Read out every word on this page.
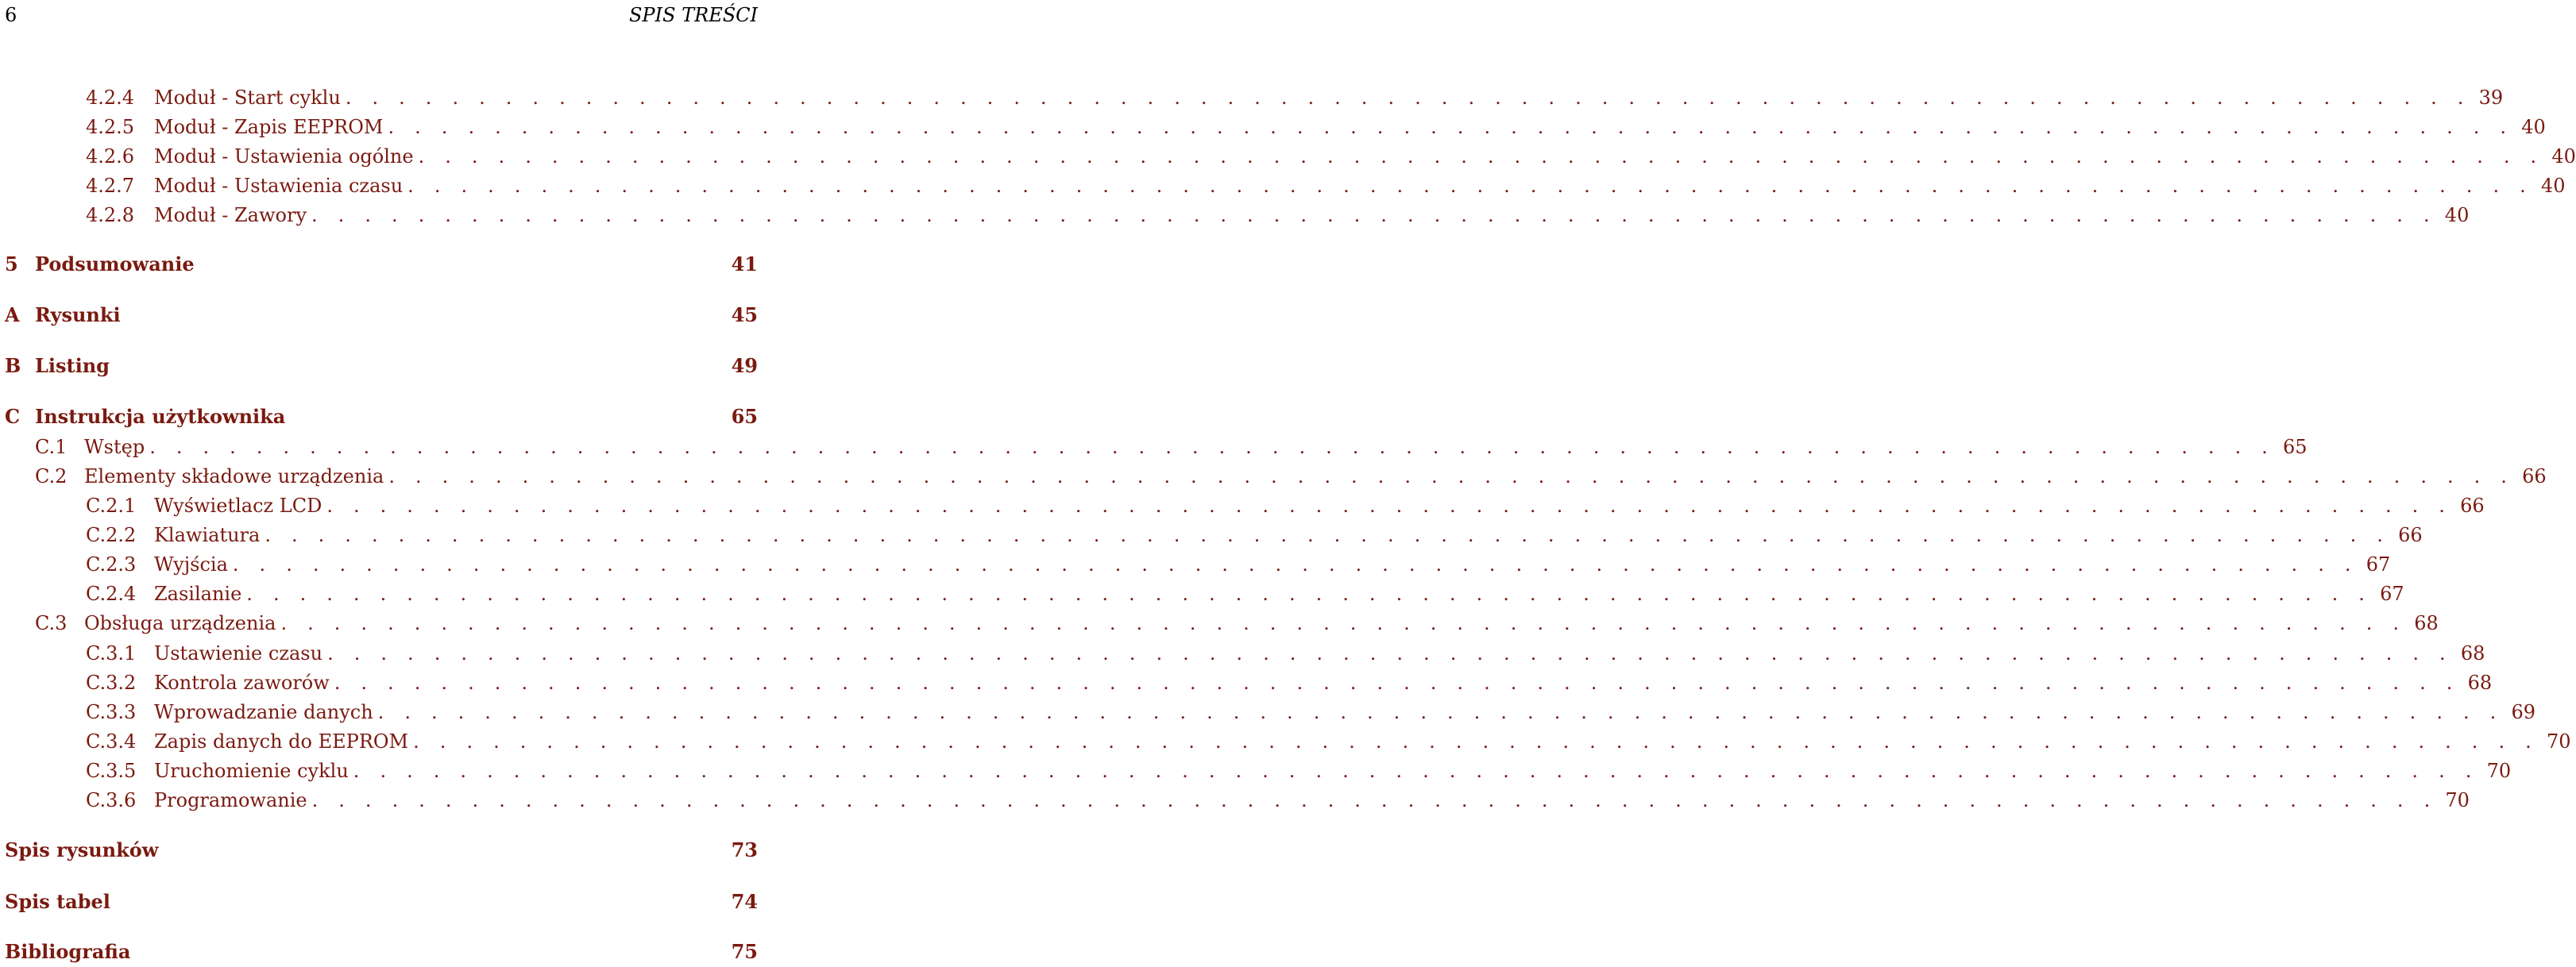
6	SPIS TREŚCI
4.2.4	Moduł - Start cyklu . . . . . . . . . . . . . . . . . . . . . . . . . . . . . . . . . . . . . . . . . . . . . . . . . . . . . . . . . . . . . . . . . . . . . . . . . . . . . . . . 39
4.2.5	Moduł - Zapis EEPROM . . . . . . . . . . . . . . . . . . . . . . . . . . . . . . . . . . . . . . . . . . . . . . . . . . . . . . . . . . . . . . . . . . . . . . . . . . . . . . . . 40
4.2.6	Moduł - Ustawienia ogólne . . . . . . . . . . . . . . . . . . . . . . . . . . . . . . . . . . . . . . . . . . . . . . . . . . . . . . . . . . . . . . . . . . . . . . . . . . . . . . . . 40
4.2.7	Moduł - Ustawienia czasu . . . . . . . . . . . . . . . . . . . . . . . . . . . . . . . . . . . . . . . . . . . . . . . . . . . . . . . . . . . . . . . . . . . . . . . . . . . . . . . . 40
4.2.8	Moduł - Zawory . . . . . . . . . . . . . . . . . . . . . . . . . . . . . . . . . . . . . . . . . . . . . . . . . . . . . . . . . . . . . . . . . . . . . . . . . . . . . . . . 40
5 Podsumowanie	41
A Rysunki	45
B Listing	49
C Instrukcja użytkownika	65
C.1 Wstęp . . . . . . . . . . . . . . . . . . . . . . . . . . . . . . . . . . . . . . . . . . . . . . . . . . . . . . . . . . . . . . . . . . . . . . . . . . . . . . . . 65
C.2 Elementy składowe urządzenia . . . . . . . . . . . . . . . . . . . . . . . . . . . . . . . . . . . . . . . . . . . . . . . . . . . . . . . . . . . . . . . . . . . . . . . . . . . . . . . . 66
C.2.1 Wyświetlacz LCD . . . . . . . . . . . . . . . . . . . . . . . . . . . . . . . . . . . . . . . . . . . . . . . . . . . . . . . . . . . . . . . . . . . . . . . . . . . . . . . . 66
C.2.2 Klawiatura . . . . . . . . . . . . . . . . . . . . . . . . . . . . . . . . . . . . . . . . . . . . . . . . . . . . . . . . . . . . . . . . . . . . . . . . . . . . . . . . 66
C.2.3 Wyjścia . . . . . . . . . . . . . . . . . . . . . . . . . . . . . . . . . . . . . . . . . . . . . . . . . . . . . . . . . . . . . . . . . . . . . . . . . . . . . . . . 67
C.2.4 Zasilanie . . . . . . . . . . . . . . . . . . . . . . . . . . . . . . . . . . . . . . . . . . . . . . . . . . . . . . . . . . . . . . . . . . . . . . . . . . . . . . . . 67
C.3 Obsługa urządzenia . . . . . . . . . . . . . . . . . . . . . . . . . . . . . . . . . . . . . . . . . . . . . . . . . . . . . . . . . . . . . . . . . . . . . . . . . . . . . . . . 68
C.3.1 Ustawienie czasu . . . . . . . . . . . . . . . . . . . . . . . . . . . . . . . . . . . . . . . . . . . . . . . . . . . . . . . . . . . . . . . . . . . . . . . . . . . . . . . . 68
C.3.2 Kontrola zaworów . . . . . . . . . . . . . . . . . . . . . . . . . . . . . . . . . . . . . . . . . . . . . . . . . . . . . . . . . . . . . . . . . . . . . . . . . . . . . . . . 68
C.3.3 Wprowadzanie danych . . . . . . . . . . . . . . . . . . . . . . . . . . . . . . . . . . . . . . . . . . . . . . . . . . . . . . . . . . . . . . . . . . . . . . . . . . . . . . . . 69
C.3.4 Zapis danych do EEPROM . . . . . . . . . . . . . . . . . . . . . . . . . . . . . . . . . . . . . . . . . . . . . . . . . . . . . . . . . . . . . . . . . . . . . . . . . . . . . . . . 70
C.3.5 Uruchomienie cyklu . . . . . . . . . . . . . . . . . . . . . . . . . . . . . . . . . . . . . . . . . . . . . . . . . . . . . . . . . . . . . . . . . . . . . . . . . . . . . . . . 70
C.3.6 Programowanie . . . . . . . . . . . . . . . . . . . . . . . . . . . . . . . . . . . . . . . . . . . . . . . . . . . . . . . . . . . . . . . . . . . . . . . . . . . . . . . . 70
Spis rysunków	73
Spis tabel	74
Bibliografia	75
